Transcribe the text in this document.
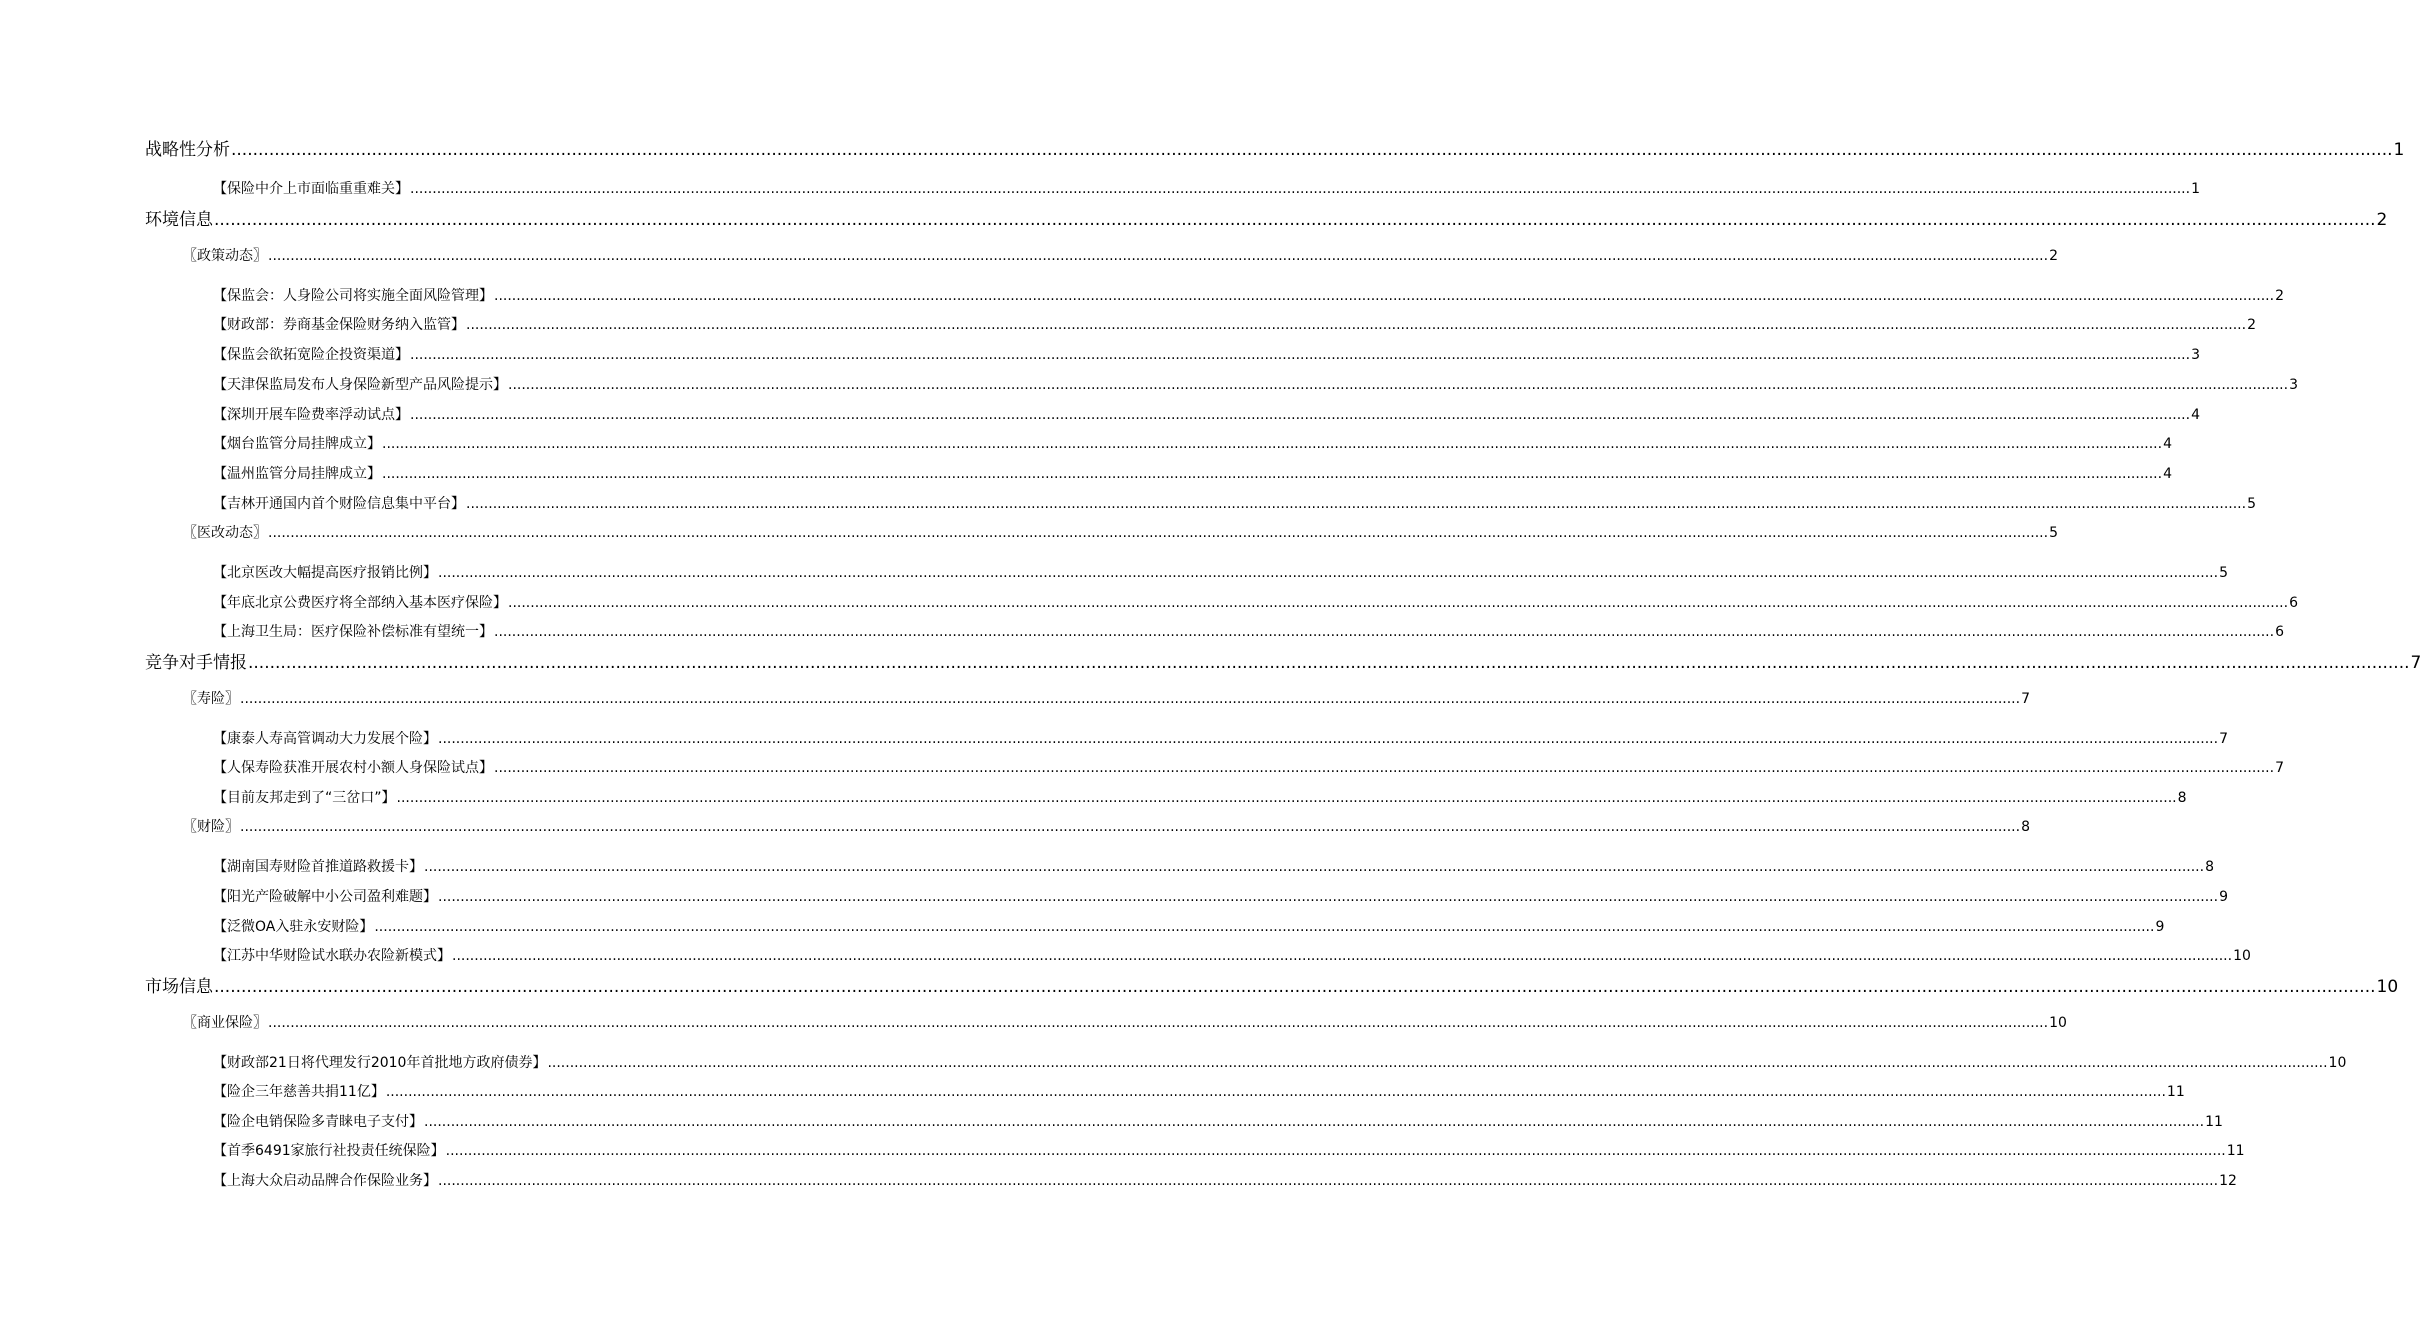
战略性分析 ................................................................................................................................................................................................................................................................................................................................................................................................................ 1
【保险中介上市面临重重难关】 ................................................................................................................................................................................................................................................................................................................................................................................................................ 1
环境信息 ................................................................................................................................................................................................................................................................................................................................................................................................................ 2
〖政策动态〗 ................................................................................................................................................................................................................................................................................................................................................................................................................ 2
【保监会：人身险公司将实施全面风险管理】 ................................................................................................................................................................................................................................................................................................................................................................................................................ 2
【财政部：券商基金保险财务纳入监管】 ................................................................................................................................................................................................................................................................................................................................................................................................................ 2
【保监会欲拓宽险企投资渠道】 ................................................................................................................................................................................................................................................................................................................................................................................................................ 3
【天津保监局发布人身保险新型产品风险提示】 ................................................................................................................................................................................................................................................................................................................................................................................................................ 3
【深圳开展车险费率浮动试点】 ................................................................................................................................................................................................................................................................................................................................................................................................................ 4
【烟台监管分局挂牌成立】 ................................................................................................................................................................................................................................................................................................................................................................................................................ 4
【温州监管分局挂牌成立】 ................................................................................................................................................................................................................................................................................................................................................................................................................ 4
【吉林开通国内首个财险信息集中平台】 ................................................................................................................................................................................................................................................................................................................................................................................................................ 5
〖医改动态〗 ................................................................................................................................................................................................................................................................................................................................................................................................................ 5
【北京医改大幅提高医疗报销比例】 ................................................................................................................................................................................................................................................................................................................................................................................................................ 5
【年底北京公费医疗将全部纳入基本医疗保险】 ................................................................................................................................................................................................................................................................................................................................................................................................................ 6
【上海卫生局：医疗保险补偿标准有望统一】 ................................................................................................................................................................................................................................................................................................................................................................................................................ 6
竞争对手情报 ................................................................................................................................................................................................................................................................................................................................................................................................................ 7
〖寿险〗 ................................................................................................................................................................................................................................................................................................................................................................................................................ 7
【康泰人寿高管调动大力发展个险】 ................................................................................................................................................................................................................................................................................................................................................................................................................ 7
【人保寿险获准开展农村小额人身保险试点】 ................................................................................................................................................................................................................................................................................................................................................................................................................ 7
【目前友邦走到了“三岔口”】 ................................................................................................................................................................................................................................................................................................................................................................................................................ 8
〖财险〗 ................................................................................................................................................................................................................................................................................................................................................................................................................ 8
【湖南国寿财险首推道路救援卡】 ................................................................................................................................................................................................................................................................................................................................................................................................................ 8
【阳光产险破解中小公司盈利难题】 ................................................................................................................................................................................................................................................................................................................................................................................................................ 9
【泛微OA入驻永安财险】 ................................................................................................................................................................................................................................................................................................................................................................................................................ 9
【江苏中华财险试水联办农险新模式】 ................................................................................................................................................................................................................................................................................................................................................................................................................ 10
市场信息 ................................................................................................................................................................................................................................................................................................................................................................................................................ 10
〖商业保险〗 ................................................................................................................................................................................................................................................................................................................................................................................................................ 10
【财政部21日将代理发行2010年首批地方政府债券】 ................................................................................................................................................................................................................................................................................................................................................................................................................ 10
【险企三年慈善共捐11亿】 ................................................................................................................................................................................................................................................................................................................................................................................................................ 11
【险企电销保险多青睐电子支付】 ................................................................................................................................................................................................................................................................................................................................................................................................................ 11
【首季6491家旅行社投责任统保险】 ................................................................................................................................................................................................................................................................................................................................................................................................................ 11
【上海大众启动品牌合作保险业务】 ................................................................................................................................................................................................................................................................................................................................................................................................................ 12
